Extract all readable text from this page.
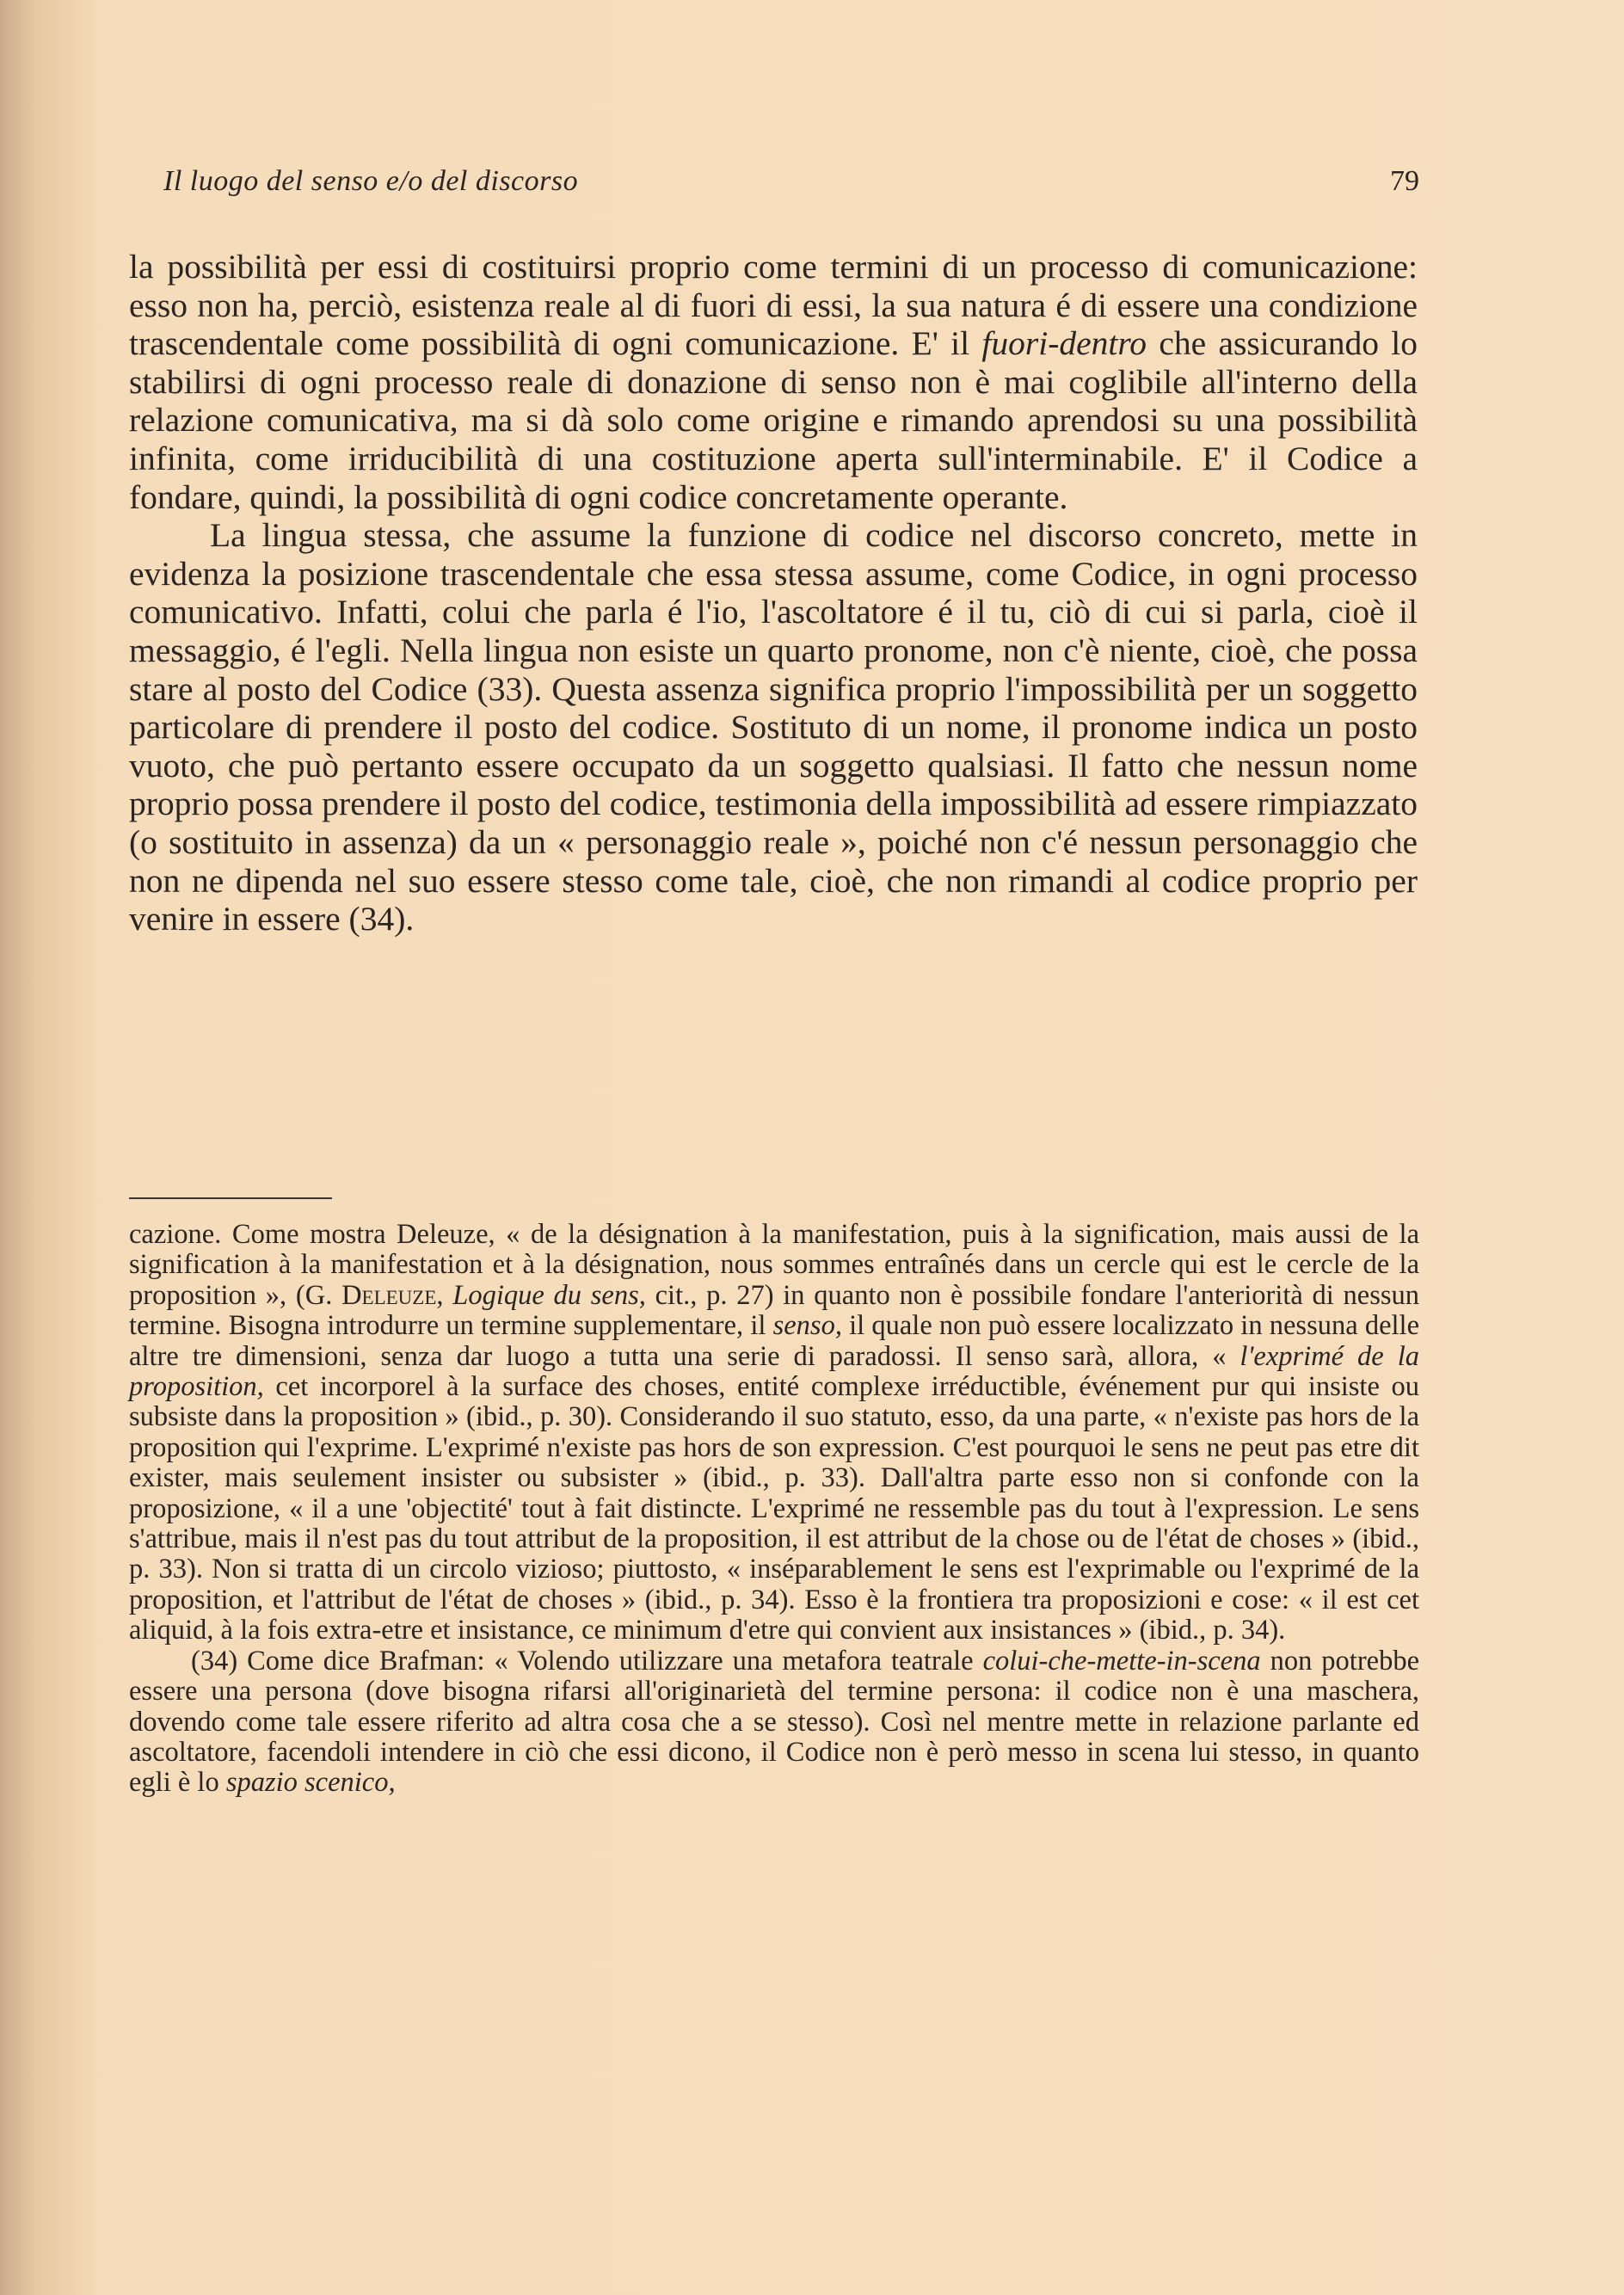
Il luogo del senso e/o del discorso	79

la possibilità per essi di costituirsi proprio come termini di un processo di comunicazione: esso non ha, perciò, esistenza reale al di fuori di essi, la sua natura é di essere una condizione trascendentale come possibilità di ogni comunicazione. E' il fuori-dentro che assicurando lo stabilirsi di ogni processo reale di donazione di senso non è mai coglibile all'interno della relazione comunicativa, ma si dà solo come origine e rimando aprendosi su una possibilità infinita, come irriducibilità di una costituzione aperta sull'interminabile. E' il Codice a fondare, quindi, la possibilità di ogni codice concretamente operante.

La lingua stessa, che assume la funzione di codice nel discorso concreto, mette in evidenza la posizione trascendentale che essa stessa assume, come Codice, in ogni processo comunicativo. Infatti, colui che parla é l'io, l'ascoltatore é il tu, ciò di cui si parla, cioè il messaggio, é l'egli. Nella lingua non esiste un quarto pronome, non c'è niente, cioè, che possa stare al posto del Codice (33). Questa assenza significa proprio l'impossibilità per un soggetto particolare di prendere il posto del codice. Sostituto di un nome, il pronome indica un posto vuoto, che può pertanto essere occupato da un soggetto qualsiasi. Il fatto che nessun nome proprio possa prendere il posto del codice, testimonia della impossibilità ad essere rimpiazzato (o sostituito in assenza) da un « personaggio reale », poiché non c'é nessun personaggio che non ne dipenda nel suo essere stesso come tale, cioè, che non rimandi al codice proprio per venire in essere (34).

cazione. Come mostra Deleuze, « de la désignation à la manifestation, puis à la signification, mais aussi de la signification à la manifestation et à la désignation, nous sommes entraînés dans un cercle qui est le cercle de la proposition », (G. Deleuze, Logique du sens, cit., p. 27) in quanto non è possibile fondare l'anteriorità di nessun termine. Bisogna introdurre un termine supplementare, il senso, il quale non può essere localizzato in nessuna delle altre tre dimensioni, senza dar luogo a tutta una serie di paradossi. Il senso sarà, allora, « l'exprimé de la proposition, cet incorporel à la surface des choses, entité complexe irréductible, événement pur qui insiste ou subsiste dans la proposition » (ibid., p. 30). Considerando il suo statuto, esso, da una parte, « n'existe pas hors de la proposition qui l'exprime. L'exprimé n'existe pas hors de son expression. C'est pourquoi le sens ne peut pas etre dit exister, mais seulement insister ou subsister » (ibid., p. 33). Dall'altra parte esso non si confonde con la proposizione, « il a une 'objectité' tout à fait distincte. L'exprimé ne ressemble pas du tout à l'expression. Le sens s'attribue, mais il n'est pas du tout attribut de la proposition, il est attribut de la chose ou de l'état de choses » (ibid., p. 33). Non si tratta di un circolo vizioso; piuttosto, « inséparablement le sens est l'exprimable ou l'exprimé de la proposition, et l'attribut de l'état de choses » (ibid., p. 34). Esso è la frontiera tra proposizioni e cose: « il est cet aliquid, à la fois extra-etre et insistance, ce minimum d'etre qui convient aux insistances » (ibid., p. 34).

(34) Come dice Brafman: « Volendo utilizzare una metafora teatrale colui-che-mette-in-scena non potrebbe essere una persona (dove bisogna rifarsi all'originarietà del termine persona: il codice non è una maschera, dovendo come tale essere riferito ad altra cosa che a se stesso). Così nel mentre mette in relazione parlante ed ascoltatore, facendoli intendere in ciò che essi dicono, il Codice non è però messo in scena lui stesso, in quanto egli è lo spazio scenico,
